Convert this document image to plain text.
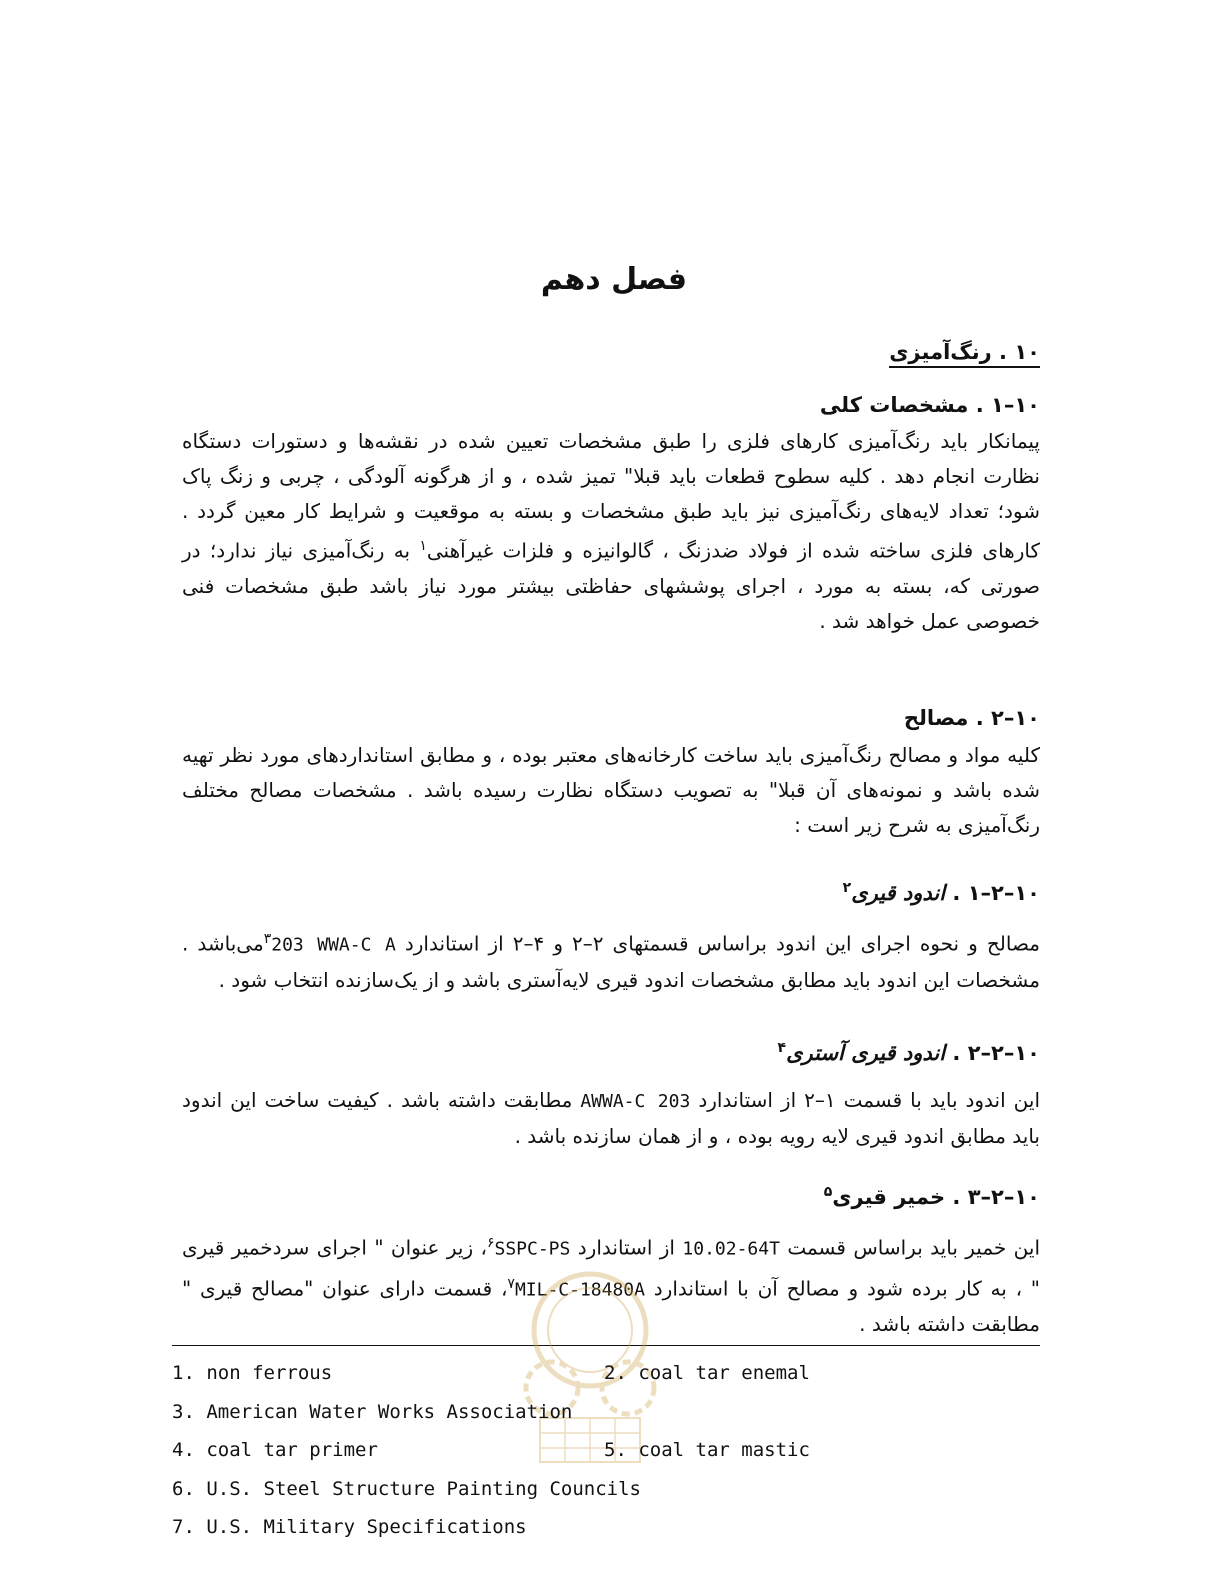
فصل دهم
۱۰ . رنگ‌آمیزی
۱۰–۱ . مشخصات کلی
پیمانکار باید رنگ‌آمیزی کارهای فلزی را طبق مشخصات تعیین شده در نقشه‌ها و دستورات دستگاه نظارت انجام دهد . کلیه سطوح قطعات باید قبلا" تمیز شده ، و از هرگونه آلودگی ، چربی و زنگ پاک شود؛ تعداد لایه‌های رنگ‌آمیزی نیز باید طبق مشخصات و بسته به موقعیت و شرایط کار معین گردد . کارهای فلزی ساخته شده از فولاد ضدزنگ ، گالوانیزه و فلزات غیرآهنی$^۱$ به رنگ‌آمیزی نیاز ندارد؛ در صورتی که، بسته به مورد ، اجرای پوششهای حفاظتی بیشتر مورد نیاز باشد طبق مشخصات فنی خصوصی عمل خواهد شد .
۱۰–۲ . مصالح
کلیه مواد و مصالح رنگ‌آمیزی باید ساخت کارخانه‌های معتبر بوده ، و مطابق استانداردهای مورد نظر تهیه شده باشد و نمونه‌های آن قبلا" به تصویب دستگاه نظارت رسیده باشد . مشخصات مصالح مختلف رنگ‌آمیزی به شرح زیر است :
۱۰–۲–۱ . اندود قیری$^۲$
مصالح و نحوه اجرای این اندود براساس قسمتهای ۲–۲ و ۴–۲ از استاندارد 203 WWA-C A$^۳$می‌باشد . مشخصات این اندود باید مطابق مشخصات اندود قیری لایه‌آستری باشد و از یک‌سازنده انتخاب شود .
۱۰–۲–۲ . اندود قیری آستری$^۴$
این اندود باید با قسمت ۱–۲ از استاندارد AWWA-C 203 مطابقت داشته باشد . کیفیت ساخت این اندود باید مطابق اندود قیری لایه رویه بوده ، و از همان سازنده باشد .
۱۰–۲–۳ . خمیر قیری$^۵$
این خمیر باید براساس قسمت 10.02-64T از استاندارد SSPC-PS$^۶$، زیر عنوان " اجرای سردخمیر قیری " ، به کار برده شود و مصالح آن با استاندارد MIL-C-18480A$^۷$، قسمت دارای عنوان "مصالح قیری " مطابقت داشته باشد .
1. non ferrous	2. coal tar enemal
3. American Water Works Association
4. coal tar primer	5. coal tar mastic
6. U.S. Steel Structure Painting Councils
7. U.S. Military Specifications
